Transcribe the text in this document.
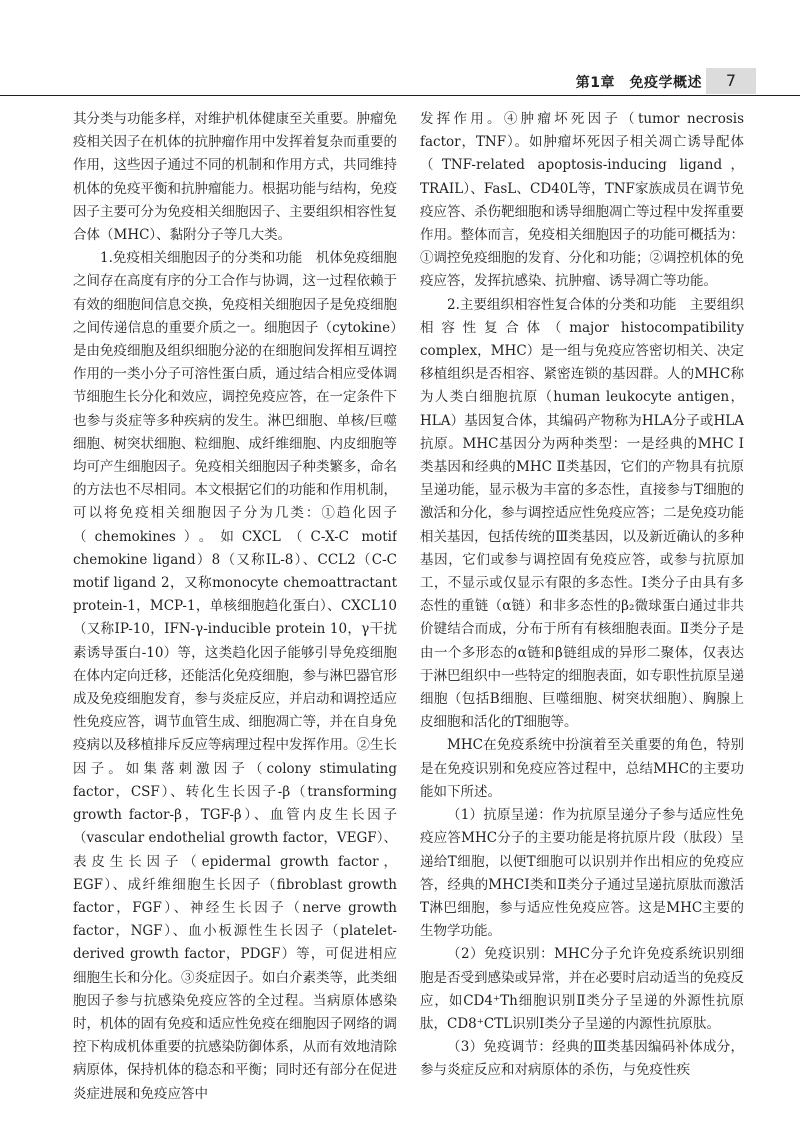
第1章　免疫学概述	7

其分类与功能多样，对维护机体健康至关重要。肿瘤免疫相关因子在机体的抗肿瘤作用中发挥着复杂而重要的作用，这些因子通过不同的机制和作用方式，共同维持机体的免疫平衡和抗肿瘤能力。根据功能与结构，免疫因子主要可分为免疫相关细胞因子、主要组织相容性复合体（MHC）、黏附分子等几大类。

1.免疫相关细胞因子的分类和功能　机体免疫细胞之间存在高度有序的分工合作与协调，这一过程依赖于有效的细胞间信息交换，免疫相关细胞因子是免疫细胞之间传递信息的重要介质之一。细胞因子（cytokine）是由免疫细胞及组织细胞分泌的在细胞间发挥相互调控作用的一类小分子可溶性蛋白质，通过结合相应受体调节细胞生长分化和效应，调控免疫应答，在一定条件下也参与炎症等多种疾病的发生。淋巴细胞、单核/巨噬细胞、树突状细胞、粒细胞、成纤维细胞、内皮细胞等均可产生细胞因子。免疫相关细胞因子种类繁多，命名的方法也不尽相同。本文根据它们的功能和作用机制，可以将免疫相关细胞因子分为几类：①趋化因子（chemokines）。如CXCL（C-X-C motif chemokine ligand）8（又称IL-8）、CCL2（C-C motif ligand 2，又称monocyte chemoattractant protein-1，MCP-1，单核细胞趋化蛋白）、CXCL10（又称IP-10，IFN-γ-inducible protein 10，γ干扰素诱导蛋白-10）等，这类趋化因子能够引导免疫细胞在体内定向迁移，还能活化免疫细胞，参与淋巴器官形成及免疫细胞发育，参与炎症反应，并启动和调控适应性免疫应答，调节血管生成、细胞凋亡等，并在自身免疫病以及移植排斥反应等病理过程中发挥作用。②生长因子。如集落刺激因子（colony stimulating factor，CSF）、转化生长因子-β（transforming growth factor-β，TGF-β）、血管内皮生长因子（vascular endothelial growth factor，VEGF）、表皮生长因子（epidermal growth factor，EGF）、成纤维细胞生长因子（fibroblast growth factor，FGF）、神经生长因子（nerve growth factor，NGF）、血小板源性生长因子（platelet-derived growth factor，PDGF）等，可促进相应细胞生长和分化。③炎症因子。如白介素类等，此类细胞因子参与抗感染免疫应答的全过程。当病原体感染时，机体的固有免疫和适应性免疫在细胞因子网络的调控下构成机体重要的抗感染防御体系，从而有效地清除病原体，保持机体的稳态和平衡；同时还有部分在促进炎症进展和免疫应答中

发挥作用。④肿瘤坏死因子（tumor necrosis factor，TNF）。如肿瘤坏死因子相关凋亡诱导配体（TNF-related apoptosis-inducing ligand，TRAIL）、FasL、CD40L等，TNF家族成员在调节免疫应答、杀伤靶细胞和诱导细胞凋亡等过程中发挥重要作用。整体而言，免疫相关细胞因子的功能可概括为：①调控免疫细胞的发育、分化和功能；②调控机体的免疫应答，发挥抗感染、抗肿瘤、诱导凋亡等功能。

2.主要组织相容性复合体的分类和功能　主要组织相容性复合体（major histocompatibility complex，MHC）是一组与免疫应答密切相关、决定移植组织是否相容、紧密连锁的基因群。人的MHC称为人类白细胞抗原（human leukocyte antigen，HLA）基因复合体，其编码产物称为HLA分子或HLA抗原。MHC基因分为两种类型：一是经典的MHC Ⅰ类基因和经典的MHC Ⅱ类基因，它们的产物具有抗原呈递功能，显示极为丰富的多态性，直接参与T细胞的激活和分化，参与调控适应性免疫应答；二是免疫功能相关基因，包括传统的Ⅲ类基因，以及新近确认的多种基因，它们或参与调控固有免疫应答，或参与抗原加工，不显示或仅显示有限的多态性。Ⅰ类分子由具有多态性的重链（α链）和非多态性的β₂微球蛋白通过非共价键结合而成，分布于所有有核细胞表面。Ⅱ类分子是由一个多形态的α链和β链组成的异形二聚体，仅表达于淋巴组织中一些特定的细胞表面，如专职性抗原呈递细胞（包括B细胞、巨噬细胞、树突状细胞）、胸腺上皮细胞和活化的T细胞等。

MHC在免疫系统中扮演着至关重要的角色，特别是在免疫识别和免疫应答过程中，总结MHC的主要功能如下所述。

（1）抗原呈递：作为抗原呈递分子参与适应性免疫应答MHC分子的主要功能是将抗原片段（肽段）呈递给T细胞，以便T细胞可以识别并作出相应的免疫应答，经典的MHCⅠ类和Ⅱ类分子通过呈递抗原肽而激活T淋巴细胞，参与适应性免疫应答。这是MHC主要的生物学功能。

（2）免疫识别：MHC分子允许免疫系统识别细胞是否受到感染或异常，并在必要时启动适当的免疫反应，如CD4⁺Th细胞识别Ⅱ类分子呈递的外源性抗原肽，CD8⁺CTL识别Ⅰ类分子呈递的内源性抗原肽。

（3）免疫调节：经典的Ⅲ类基因编码补体成分，参与炎症反应和对病原体的杀伤，与免疫性疾
